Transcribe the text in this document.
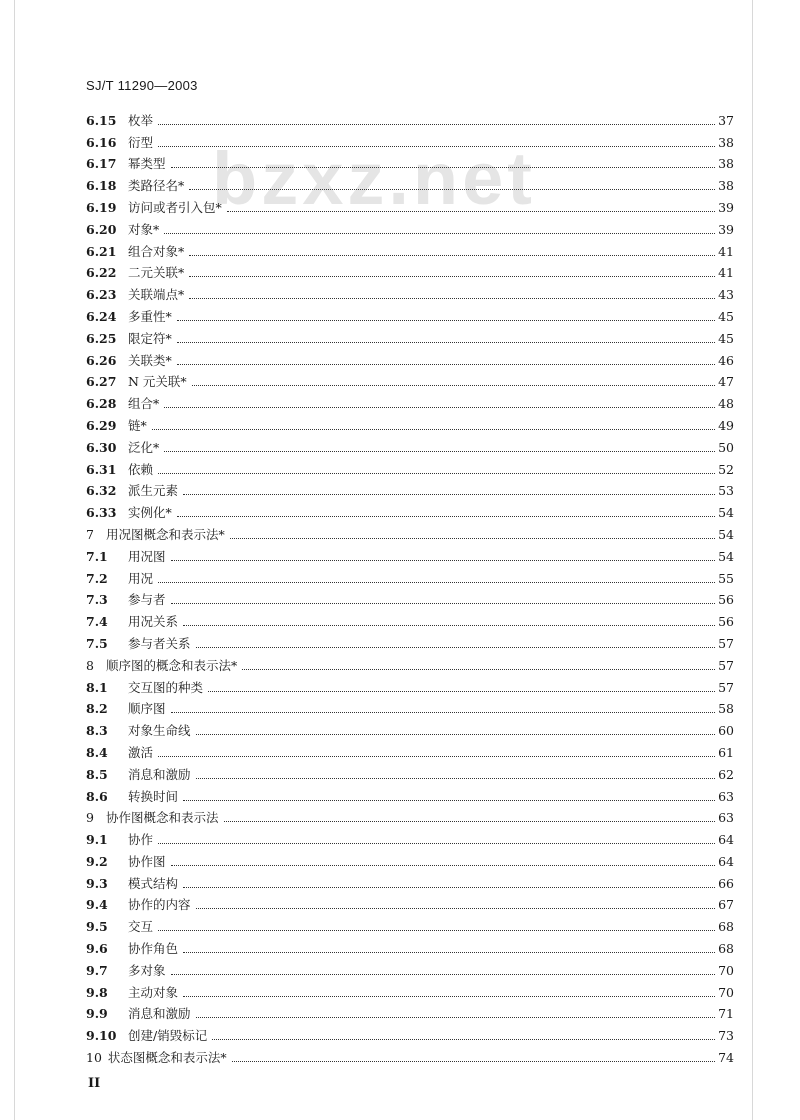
SJ/T 11290—2003
bzxz.net
6.15 枚举	37
6.16 衍型	38
6.17 幂类型	38
6.18 类路径名*	38
6.19 访问或者引入包*	39
6.20 对象*	39
6.21 组合对象*	41
6.22 二元关联*	41
6.23 关联端点*	43
6.24 多重性*	45
6.25 限定符*	45
6.26 关联类*	46
6.27 N 元关联*	47
6.28 组合*	48
6.29 链*	49
6.30 泛化*	50
6.31 依赖	52
6.32 派生元素	53
6.33 实例化*	54
7 用况图概念和表示法*	54
7.1	用况图	54
7.2	用况	55
7.3	参与者	56
7.4	用况关系	56
7.5	参与者关系	57
8 顺序图的概念和表示法*	57
8.1	交互图的种类	57
8.2	顺序图	58
8.3	对象生命线	60
8.4	激活	61
8.5	消息和激励	62
8.6	转换时间	63
9 协作图概念和表示法	63
9.1	协作	64
9.2	协作图	64
9.3	模式结构	66
9.4	协作的内容	67
9.5	交互	68
9.6	协作角色	68
9.7	多对象	70
9.8	主动对象	70
9.9	消息和激励	71
9.10 创建/销毁标记	73
10 状态图概念和表示法*	74
II
